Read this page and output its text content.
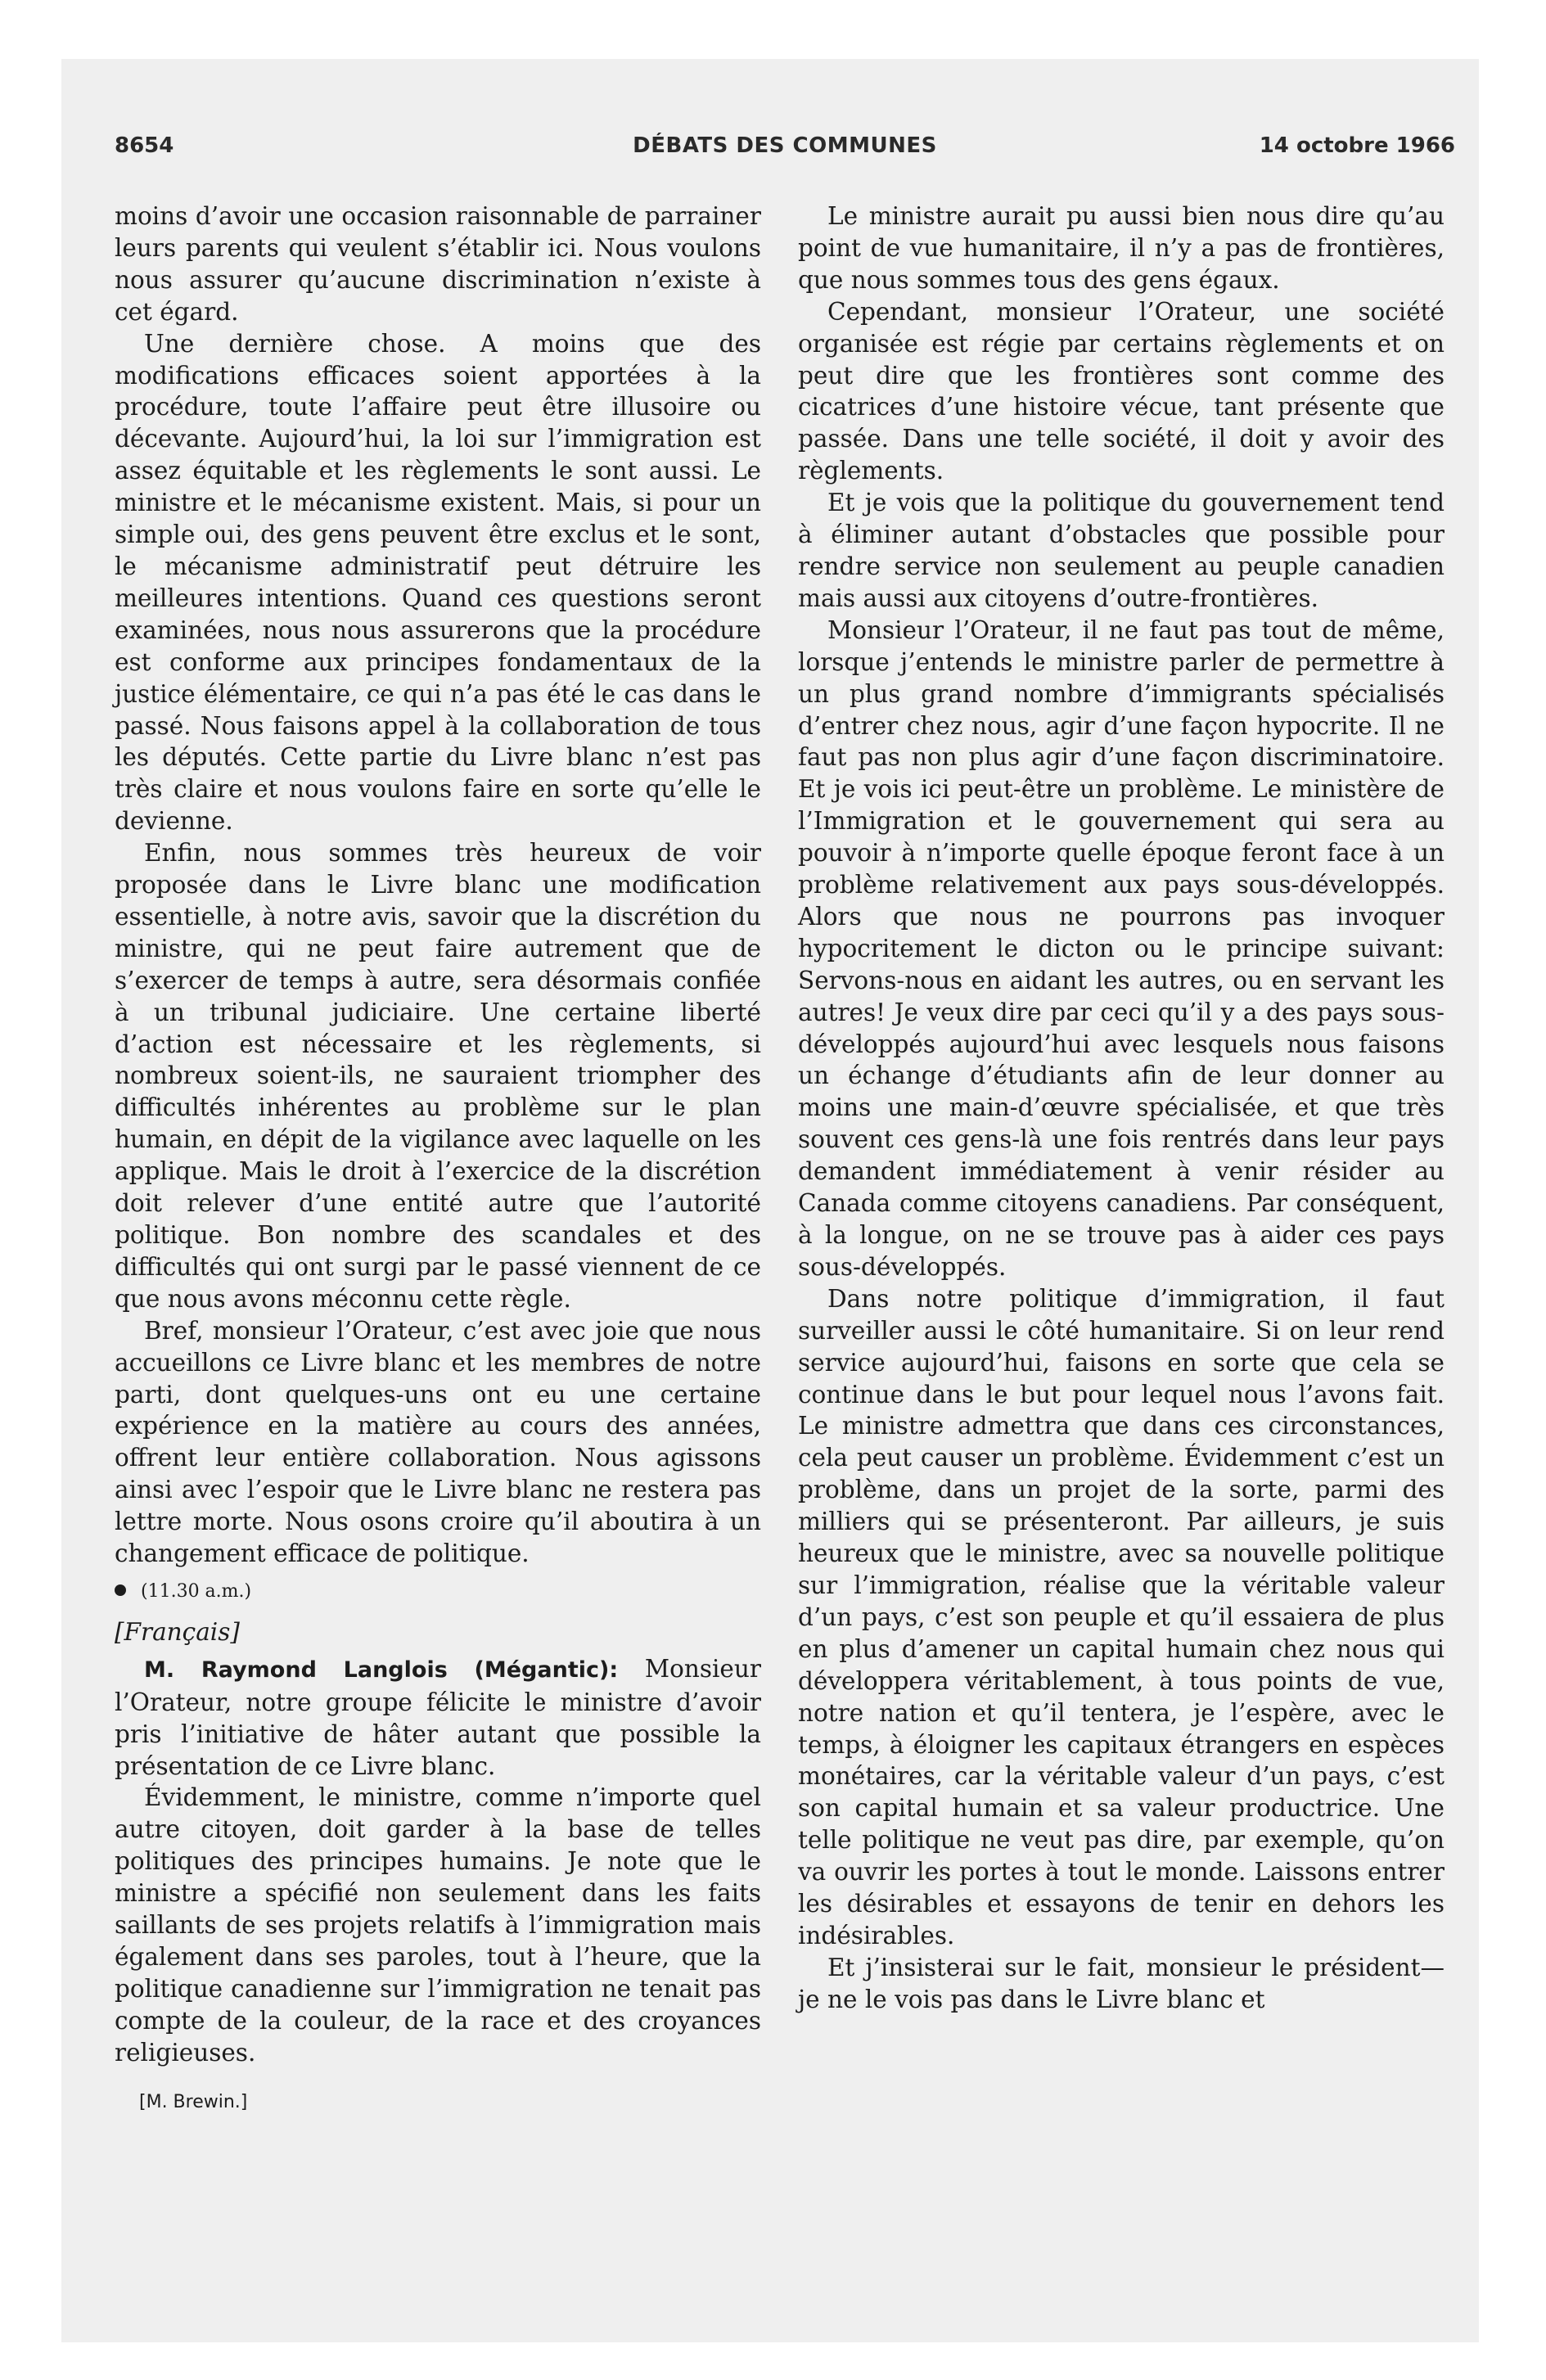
8654	DÉBATS DES COMMUNES	14 octobre 1966

moins d’avoir une occasion raisonnable de parrainer leurs parents qui veulent s’établir ici. Nous voulons nous assurer qu’aucune discrimination n’existe à cet égard.

Une dernière chose. A moins que des modifications efficaces soient apportées à la procédure, toute l’affaire peut être illusoire ou décevante. Aujourd’hui, la loi sur l’immigration est assez équitable et les règlements le sont aussi. Le ministre et le mécanisme existent. Mais, si pour un simple oui, des gens peuvent être exclus et le sont, le mécanisme administratif peut détruire les meilleures intentions. Quand ces questions seront examinées, nous nous assurerons que la procédure est conforme aux principes fondamentaux de la justice élémentaire, ce qui n’a pas été le cas dans le passé. Nous faisons appel à la collaboration de tous les députés. Cette partie du Livre blanc n’est pas très claire et nous voulons faire en sorte qu’elle le devienne.

Enfin, nous sommes très heureux de voir proposée dans le Livre blanc une modification essentielle, à notre avis, savoir que la discrétion du ministre, qui ne peut faire autrement que de s’exercer de temps à autre, sera désormais confiée à un tribunal judiciaire. Une certaine liberté d’action est nécessaire et les règlements, si nombreux soient-ils, ne sauraient triompher des difficultés inhérentes au problème sur le plan humain, en dépit de la vigilance avec laquelle on les applique. Mais le droit à l’exercice de la discrétion doit relever d’une entité autre que l’autorité politique. Bon nombre des scandales et des difficultés qui ont surgi par le passé viennent de ce que nous avons méconnu cette règle.

Bref, monsieur l’Orateur, c’est avec joie que nous accueillons ce Livre blanc et les membres de notre parti, dont quelques-uns ont eu une certaine expérience en la matière au cours des années, offrent leur entière collaboration. Nous agissons ainsi avec l’espoir que le Livre blanc ne restera pas lettre morte. Nous osons croire qu’il aboutira à un changement efficace de politique.

(11.30 a.m.)

[Français]

M. Raymond Langlois (Mégantic): Monsieur l’Orateur, notre groupe félicite le ministre d’avoir pris l’initiative de hâter autant que possible la présentation de ce Livre blanc.

Évidemment, le ministre, comme n’importe quel autre citoyen, doit garder à la base de telles politiques des principes humains. Je note que le ministre a spécifié non seulement dans les faits saillants de ses projets relatifs à l’immigration mais également dans ses paroles, tout à l’heure, que la politique canadienne sur l’immigration ne tenait pas compte de la couleur, de la race et des croyances religieuses.

[M. Brewin.]

Le ministre aurait pu aussi bien nous dire qu’au point de vue humanitaire, il n’y a pas de frontières, que nous sommes tous des gens égaux.

Cependant, monsieur l’Orateur, une société organisée est régie par certains règlements et on peut dire que les frontières sont comme des cicatrices d’une histoire vécue, tant présente que passée. Dans une telle société, il doit y avoir des règlements.

Et je vois que la politique du gouvernement tend à éliminer autant d’obstacles que possible pour rendre service non seulement au peuple canadien mais aussi aux citoyens d’outre-frontières.

Monsieur l’Orateur, il ne faut pas tout de même, lorsque j’entends le ministre parler de permettre à un plus grand nombre d’immigrants spécialisés d’entrer chez nous, agir d’une façon hypocrite. Il ne faut pas non plus agir d’une façon discriminatoire. Et je vois ici peut-être un problème. Le ministère de l’Immigration et le gouvernement qui sera au pouvoir à n’importe quelle époque feront face à un problème relativement aux pays sous-développés. Alors que nous ne pourrons pas invoquer hypocritement le dicton ou le principe suivant: Servons-nous en aidant les autres, ou en servant les autres! Je veux dire par ceci qu’il y a des pays sous-développés aujourd’hui avec lesquels nous faisons un échange d’étudiants afin de leur donner au moins une main-d’œuvre spécialisée, et que très souvent ces gens-là une fois rentrés dans leur pays demandent immédiatement à venir résider au Canada comme citoyens canadiens. Par conséquent, à la longue, on ne se trouve pas à aider ces pays sous-développés.

Dans notre politique d’immigration, il faut surveiller aussi le côté humanitaire. Si on leur rend service aujourd’hui, faisons en sorte que cela se continue dans le but pour lequel nous l’avons fait. Le ministre admettra que dans ces circonstances, cela peut causer un problème. Évidemment c’est un problème, dans un projet de la sorte, parmi des milliers qui se présenteront. Par ailleurs, je suis heureux que le ministre, avec sa nouvelle politique sur l’immigration, réalise que la véritable valeur d’un pays, c’est son peuple et qu’il essaiera de plus en plus d’amener un capital humain chez nous qui développera véritablement, à tous points de vue, notre nation et qu’il tentera, je l’espère, avec le temps, à éloigner les capitaux étrangers en espèces monétaires, car la véritable valeur d’un pays, c’est son capital humain et sa valeur productrice. Une telle politique ne veut pas dire, par exemple, qu’on va ouvrir les portes à tout le monde. Laissons entrer les désirables et essayons de tenir en dehors les indésirables.

Et j’insisterai sur le fait, monsieur le président—je ne le vois pas dans le Livre blanc et
